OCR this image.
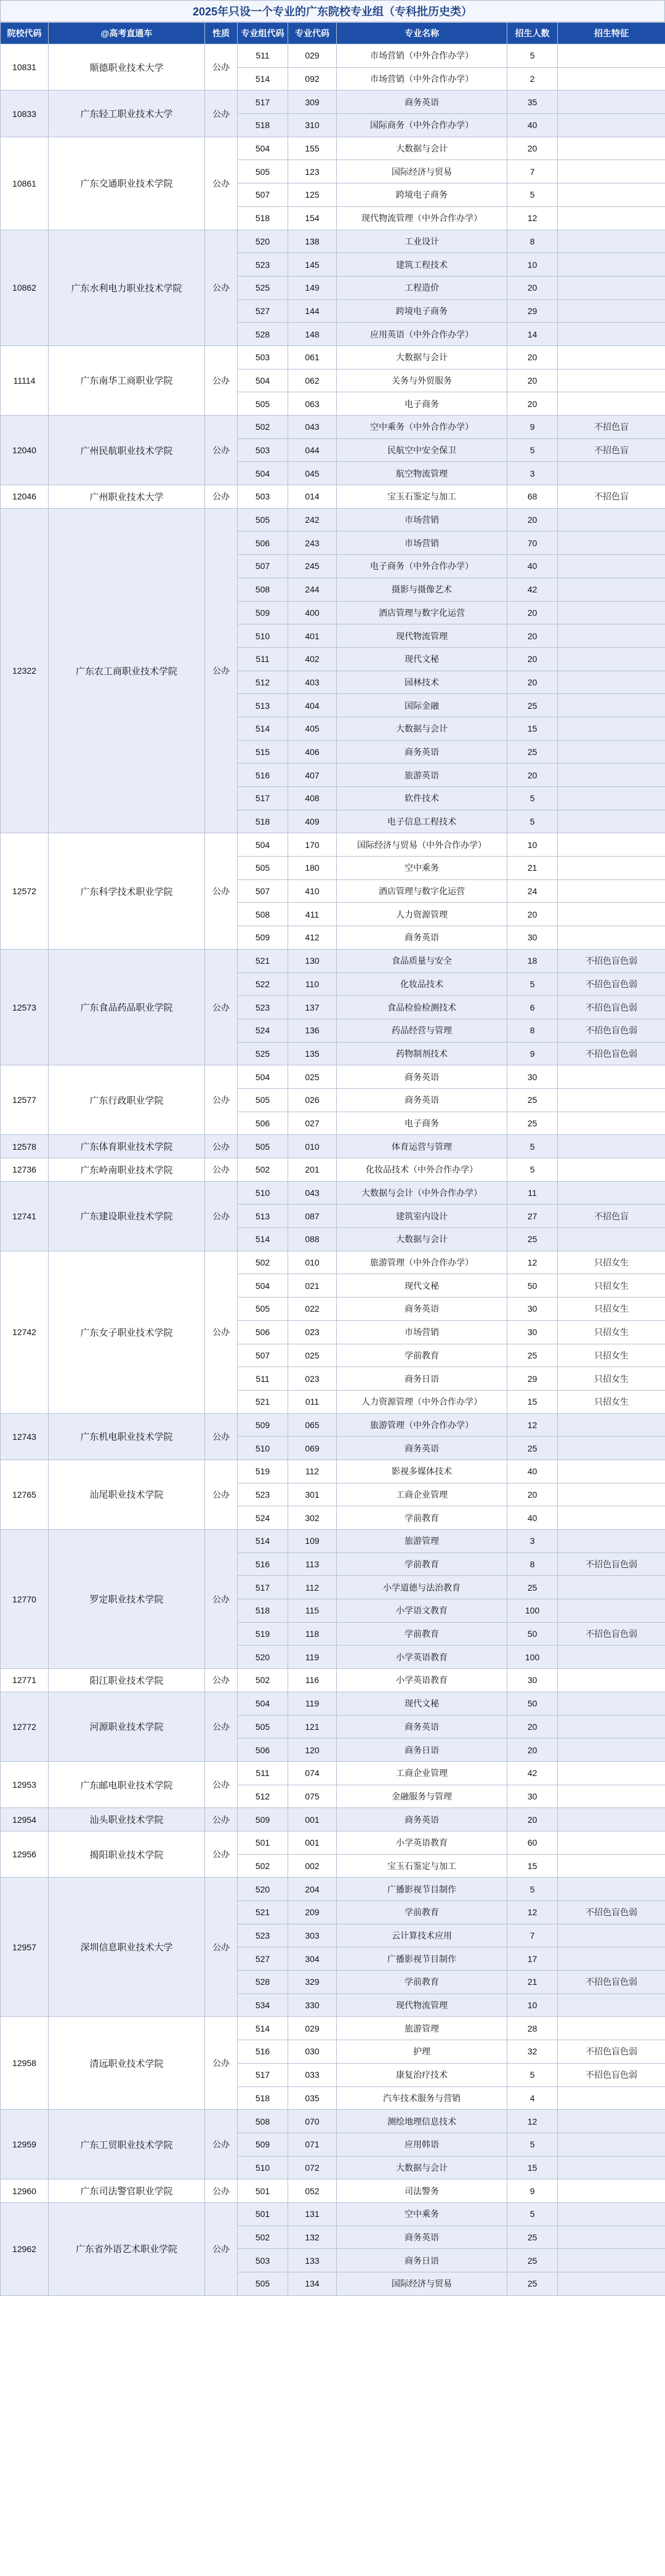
2025年只设一个专业的广东院校专业组（专科批历史类）
院校代码	@高考直通车	性质	专业组代码	专业代码	专业名称	招生人数	招生特征
10831	顺德职业技术大学	公办	511	029	市场营销（中外合作办学）	5	
			514	092	市场营销（中外合作办学）	2	
10833	广东轻工职业技术大学	公办	517	309	商务英语	35	
			518	310	国际商务（中外合作办学）	40	
10861	广东交通职业技术学院	公办	504	155	大数据与会计	20	
			505	123	国际经济与贸易	7	
			507	125	跨境电子商务	5	
			518	154	现代物流管理（中外合作办学）	12	
10862	广东水利电力职业技术学院	公办	520	138	工业设计	8	
			523	145	建筑工程技术	10	
			525	149	工程造价	20	
			527	144	跨境电子商务	29	
			528	148	应用英语（中外合作办学）	14	
11114	广东南华工商职业学院	公办	503	061	大数据与会计	20	
			504	062	关务与外贸服务	20	
			505	063	电子商务	20	
12040	广州民航职业技术学院	公办	502	043	空中乘务（中外合作办学）	9	不招色盲
			503	044	民航空中安全保卫	5	不招色盲
			504	045	航空物流管理	3	
12046	广州职业技术大学	公办	503	014	宝玉石鉴定与加工	68	不招色盲
12322	广东农工商职业技术学院	公办	505	242	市场营销	20	
			506	243	市场营销	70	
			507	245	电子商务（中外合作办学）	40	
			508	244	摄影与摄像艺术	42	
			509	400	酒店管理与数字化运营	20	
			510	401	现代物流管理	20	
			511	402	现代文秘	20	
			512	403	园林技术	20	
			513	404	国际金融	25	
			514	405	大数据与会计	15	
			515	406	商务英语	25	
			516	407	旅游英语	20	
			517	408	软件技术	5	
			518	409	电子信息工程技术	5	
12572	广东科学技术职业学院	公办	504	170	国际经济与贸易（中外合作办学）	10	
			505	180	空中乘务	21	
			507	410	酒店管理与数字化运营	24	
			508	411	人力资源管理	20	
			509	412	商务英语	30	
12573	广东食品药品职业学院	公办	521	130	食品质量与安全	18	不招色盲色弱
			522	110	化妆品技术	5	不招色盲色弱
			523	137	食品检验检测技术	6	不招色盲色弱
			524	136	药品经营与管理	8	不招色盲色弱
			525	135	药物制剂技术	9	不招色盲色弱
12577	广东行政职业学院	公办	504	025	商务英语	30	
			505	026	商务英语	25	
			506	027	电子商务	25	
12578	广东体育职业技术学院	公办	505	010	体育运营与管理	5	
12736	广东岭南职业技术学院	公办	502	201	化妆品技术（中外合作办学）	5	
12741	广东建设职业技术学院	公办	510	043	大数据与会计（中外合作办学）	11	
			513	087	建筑室内设计	27	不招色盲
			514	088	大数据与会计	25	
12742	广东女子职业技术学院	公办	502	010	旅游管理（中外合作办学）	12	只招女生
			504	021	现代文秘	50	只招女生
			505	022	商务英语	30	只招女生
			506	023	市场营销	30	只招女生
			507	025	学前教育	25	只招女生
			511	023	商务日语	29	只招女生
			521	011	人力资源管理（中外合作办学）	15	只招女生
12743	广东机电职业技术学院	公办	509	065	旅游管理（中外合作办学）	12	
			510	069	商务英语	25	
12765	汕尾职业技术学院	公办	519	112	影视多媒体技术	40	
			523	301	工商企业管理	20	
			524	302	学前教育	40	
12770	罗定职业技术学院	公办	514	109	旅游管理	3	
			516	113	学前教育	8	不招色盲色弱
			517	112	小学道德与法治教育	25	
			518	115	小学语文教育	100	
			519	118	学前教育	50	不招色盲色弱
			520	119	小学英语教育	100	
12771	阳江职业技术学院	公办	502	116	小学英语教育	30	
12772	河源职业技术学院	公办	504	119	现代文秘	50	
			505	121	商务英语	20	
			506	120	商务日语	20	
12953	广东邮电职业技术学院	公办	511	074	工商企业管理	42	
			512	075	金融服务与管理	30	
12954	汕头职业技术学院	公办	509	001	商务英语	20	
12956	揭阳职业技术学院	公办	501	001	小学英语教育	60	
			502	002	宝玉石鉴定与加工	15	
12957	深圳信息职业技术大学	公办	520	204	广播影视节目制作	5	
			521	209	学前教育	12	不招色盲色弱
			523	303	云计算技术应用	7	
			527	304	广播影视节目制作	17	
			528	329	学前教育	21	不招色盲色弱
			534	330	现代物流管理	10	
12958	清远职业技术学院	公办	514	029	旅游管理	28	
			516	030	护理	32	不招色盲色弱
			517	033	康复治疗技术	5	不招色盲色弱
			518	035	汽车技术服务与营销	4	
12959	广东工贸职业技术学院	公办	508	070	测绘地理信息技术	12	
			509	071	应用韩语	5	
			510	072	大数据与会计	15	
12960	广东司法警官职业学院	公办	501	052	司法警务	9	
12962	广东省外语艺术职业学院	公办	501	131	空中乘务	5	
			502	132	商务英语	25	
			503	133	商务日语	25	
			505	134	国际经济与贸易	25	
